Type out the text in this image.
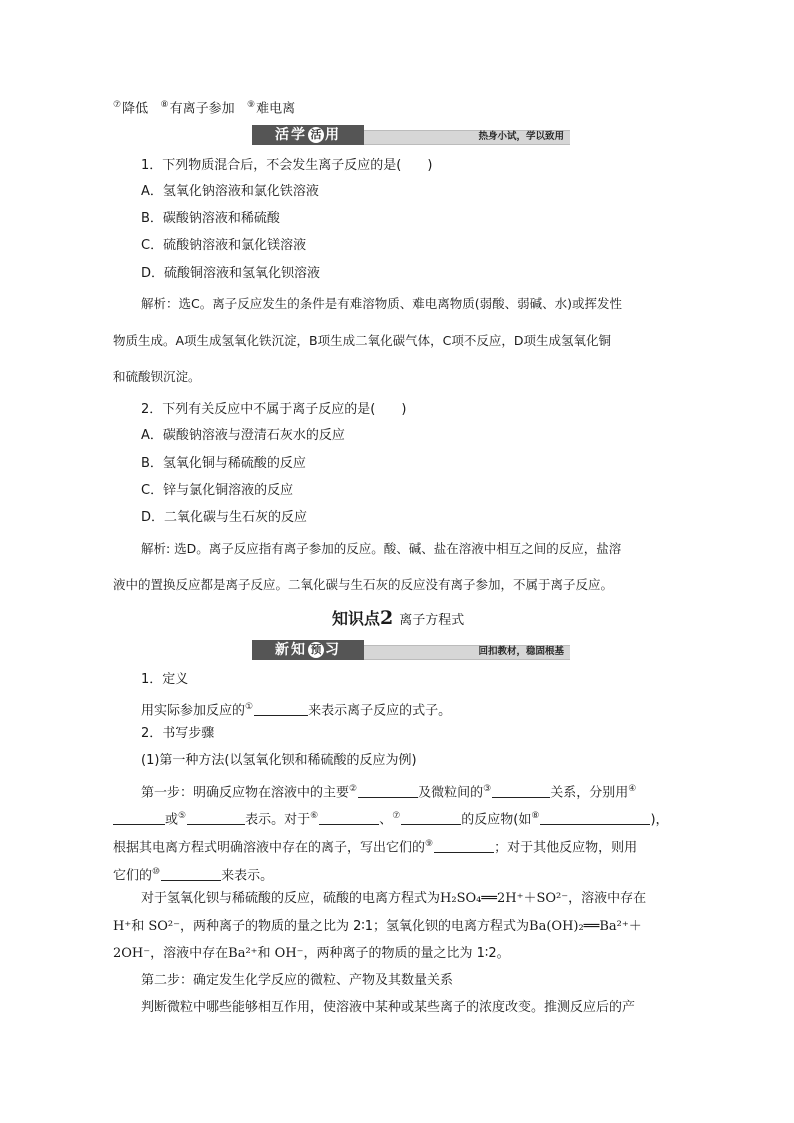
⑦降低 ⑧有离子参加 ⑨难电离
活学 活 用	热身小试，学以致用
1．下列物质混合后，不会发生离子反应的是(　　)
A．氢氧化钠溶液和氯化铁溶液
B．碳酸钠溶液和稀硫酸
C．硫酸钠溶液和氯化镁溶液
D．硫酸铜溶液和氢氧化钡溶液
解析：选C。离子反应发生的条件是有难溶物质、难电离物质(弱酸、弱碱、水)或挥发性
物质生成。A项生成氢氧化铁沉淀，B项生成二氧化碳气体，C项不反应，D项生成氢氧化铜
和硫酸钡沉淀。
2．下列有关反应中不属于离子反应的是(　　)
A．碳酸钠溶液与澄清石灰水的反应
B．氢氧化铜与稀硫酸的反应
C．锌与氯化铜溶液的反应
D．二氧化碳与生石灰的反应
解析: 选D。离子反应指有离子参加的反应。酸、碱、盐在溶液中相互之间的反应，盐溶
液中的置换反应都是离子反应。二氧化碳与生石灰的反应没有离子参加，不属于离子反应。
知识点2 离子方程式
新知 预 习	回扣教材，稳固根基
1．定义
用实际参加反应的①	来表示离子反应的式子。
2．书写步骤
(1)第一种方法(以氢氧化钡和稀硫酸的反应为例)
第一步：明确反应物在溶液中的主要②	及微粒间的③	关系，分别用④
或⑤	表示。对于⑥	、⑦	的反应物(如⑧	)，
根据其电离方程式明确溶液中存在的离子，写出它们的⑨	；对于其他反应物，则用
它们的⑩	来表示。
对于氢氧化钡与稀硫酸的反应，硫酸的电离方程式为H₂SO₄══2H⁺＋SO²⁻，溶液中存在
H⁺和 SO²⁻，两种离子的物质的量之比为 2∶1；氢氧化钡的电离方程式为Ba(OH)₂══Ba²⁺＋
2OH⁻，溶液中存在Ba²⁺和 OH⁻，两种离子的物质的量之比为 1∶2。
第二步：确定发生化学反应的微粒、产物及其数量关系
判断微粒中哪些能够相互作用，使溶液中某种或某些离子的浓度改变。推测反应后的产
